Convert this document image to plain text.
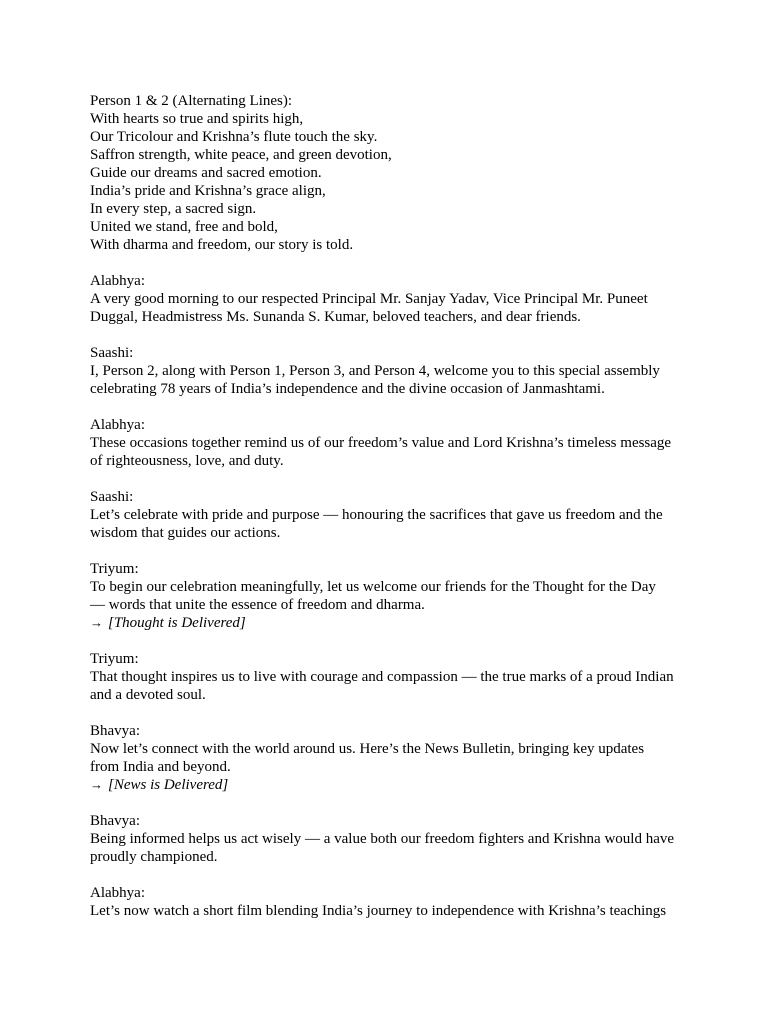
Person 1 & 2 (Alternating Lines):
With hearts so true and spirits high,
Our Tricolour and Krishna’s flute touch the sky.
Saffron strength, white peace, and green devotion,
Guide our dreams and sacred emotion.
India’s pride and Krishna’s grace align,
In every step, a sacred sign.
United we stand, free and bold,
With dharma and freedom, our story is told.
Alabhya:
A very good morning to our respected Principal Mr. Sanjay Yadav, Vice Principal Mr. Puneet
Duggal, Headmistress Ms. Sunanda S. Kumar, beloved teachers, and dear friends.
Saashi:
I, Person 2, along with Person 1, Person 3, and Person 4, welcome you to this special assembly
celebrating 78 years of India’s independence and the divine occasion of Janmashtami.
Alabhya:
These occasions together remind us of our freedom’s value and Lord Krishna’s timeless message
of righteousness, love, and duty.
Saashi:
Let’s celebrate with pride and purpose — honouring the sacrifices that gave us freedom and the
wisdom that guides our actions.
Triyum:
To begin our celebration meaningfully, let us welcome our friends for the Thought for the Day
— words that unite the essence of freedom and dharma.
→ [Thought is Delivered]
Triyum:
That thought inspires us to live with courage and compassion — the true marks of a proud Indian
and a devoted soul.
Bhavya:
Now let’s connect with the world around us. Here’s the News Bulletin, bringing key updates
from India and beyond.
→ [News is Delivered]
Bhavya:
Being informed helps us act wisely — a value both our freedom fighters and Krishna would have
proudly championed.
Alabhya:
Let’s now watch a short film blending India’s journey to independence with Krishna’s teachings
